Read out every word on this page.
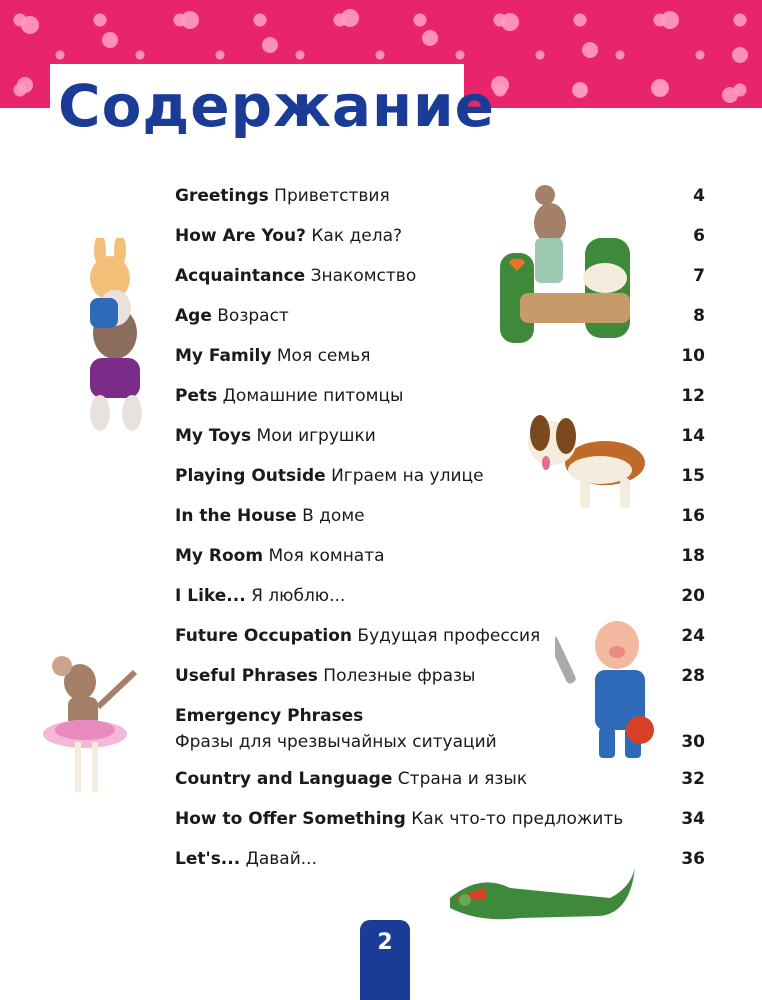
Содержание
Greetings Приветствия	4
How Are You? Как дела?	6
Acquaintance Знакомство	7
Age Возраст	8
My Family Моя семья	10
Pets Домашние питомцы	12
My Toys Мои игрушки	14
Playing Outside Играем на улице	15
In the House В доме	16
My Room Моя комната	18
I Like... Я люблю...	20
Future Occupation Будущая профессия	24
Useful Phrases Полезные фразы	28
Emergency Phrases
Фразы для чрезвычайных ситуаций	30
Country and Language Страна и язык	32
How to Offer Something Как что-то предложить	34
Let's... Давай...	36
2
